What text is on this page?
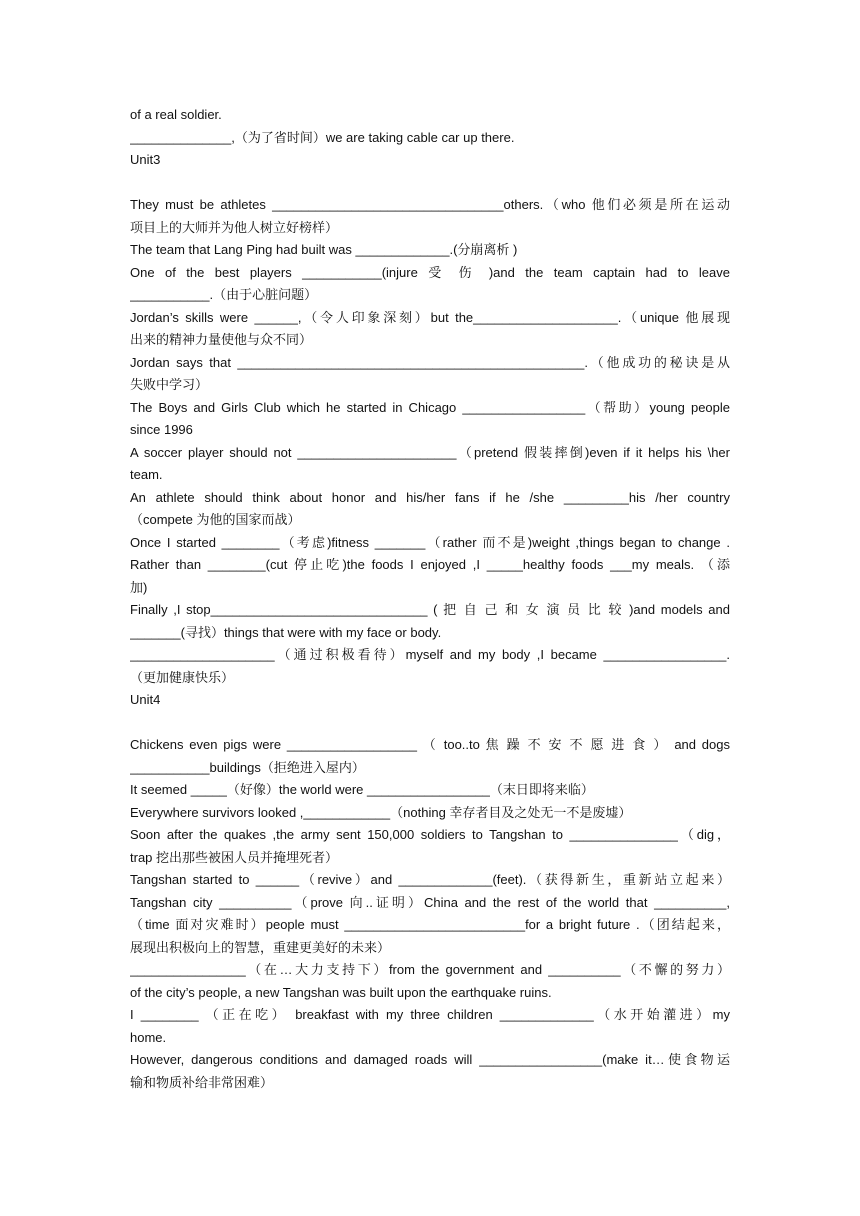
of a real soldier.
______________,（为了省时间）we are taking cable car up there.
Unit3
They must be athletes ________________________________others.（who 他们必须是所在运动
项目上的大师并为他人树立好榜样）
The team that Lang Ping had built was _____________.(分崩离析 )
One of the best players ___________(injure 受 伤 )and the team captain had to leave
___________.（由于心脏问题）
Jordan’s skills were ______,（令人印象深刻）but the____________________.（unique 他展现
出来的精神力量使他与众不同）
Jordan says that ________________________________________________.（他成功的秘诀是从
失败中学习）
The Boys and Girls Club which he started in Chicago _________________（帮助）young people
since 1996
A soccer player should not ______________________（pretend 假装摔倒)even if it helps his \her
team.
An athlete should think about honor and his/her fans if he /she _________his /her country
（compete 为他的国家而战）
Once I started ________（考虑)fitness _______（rather 而不是)weight ,things began to change .
Rather than ________(cut 停止吃)the foods I enjoyed ,I _____healthy foods ___my meals. （添
加)
Finally ,I stop______________________________ ( 把 自 己 和 女 演 员 比 较 )and models and
_______(寻找）things that were with my face or body.
____________________（通过积极看待）myself and my body ,I became _________________.
（更加健康快乐）
Unit4
Chickens even pigs were __________________ （ too..to 焦 躁 不 安 不 愿 进 食 ） and dogs
___________buildings（拒绝进入屋内）
It seemed _____（好像）the world were _________________（末日即将来临）
Everywhere survivors looked ,____________（nothing 幸存者目及之处无一不是废墟）
Soon after the quakes ,the army sent 150,000 soldiers to Tangshan to _______________（dig，
trap 挖出那些被困人员并掩埋死者）
Tangshan started to ______（revive）and _____________(feet).（获得新生，重新站立起来）
Tangshan city __________（prove 向..证明）China and the rest of the world that __________,
（time 面对灾难时）people must _________________________for a bright future .（团结起来，
展现出积极向上的智慧，重建更美好的未来）
________________（在…大力支持下）from the government and __________（不懈的努力）
of the city’s people, a new Tangshan was built upon the earthquake ruins.
I ________ （正在吃） breakfast with my three children _____________（水开始灌进）my
home.
However, dangerous conditions and damaged roads will _________________(make it…使食物运
输和物质补给非常困难）
